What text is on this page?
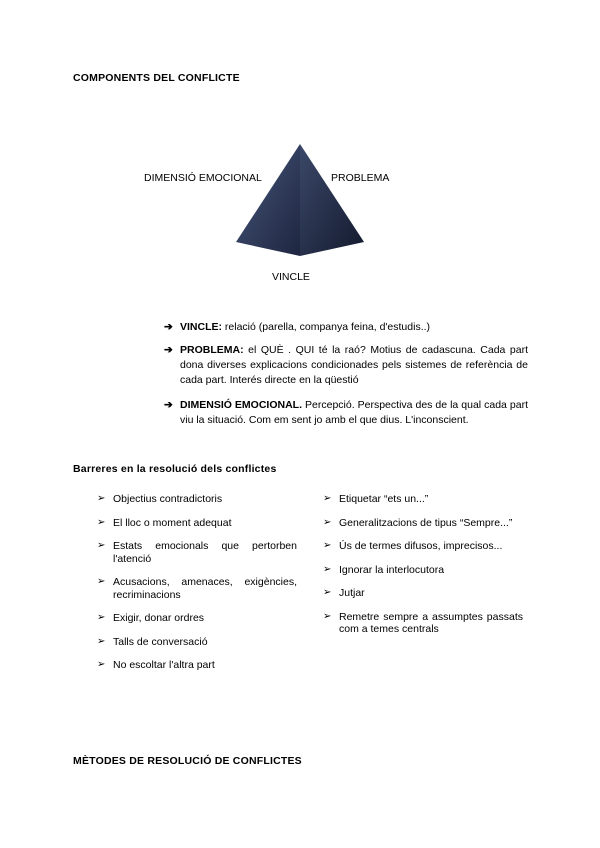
COMPONENTS DEL CONFLICTE
DIMENSIÓ EMOCIONAL	PROBLEMA
VINCLE
➔ VINCLE: relació (parella, companya feina, d'estudis..)
➔ PROBLEMA: el QUÈ . QUI té la raó? Motius de cadascuna. Cada part dona diverses explicacions condicionades pels sistemes de referència de cada part. Interés directe en la qüestió
➔ DIMENSIÓ EMOCIONAL. Percepció. Perspectiva des de la qual cada part viu la situació. Com em sent jo amb el que dius. L'inconscient.
Barreres en la resolució dels conflictes
➢ Objectius contradictoris
➢ El lloc o moment adequat
➢ Estats emocionals que pertorben l'atenció
➢ Acusacions, amenaces, exigències, recriminacions
➢ Exigir, donar ordres
➢ Talls de conversació
➢ No escoltar l'altra part
➢ Etiquetar “ets un...”
➢ Generalitzacions de tipus “Sempre...”
➢ Ús de termes difusos, imprecisos...
➢ Ignorar la interlocutora
➢ Jutjar
➢ Remetre sempre a assumptes passats com a temes centrals
MÈTODES DE RESOLUCIÓ DE CONFLICTES
